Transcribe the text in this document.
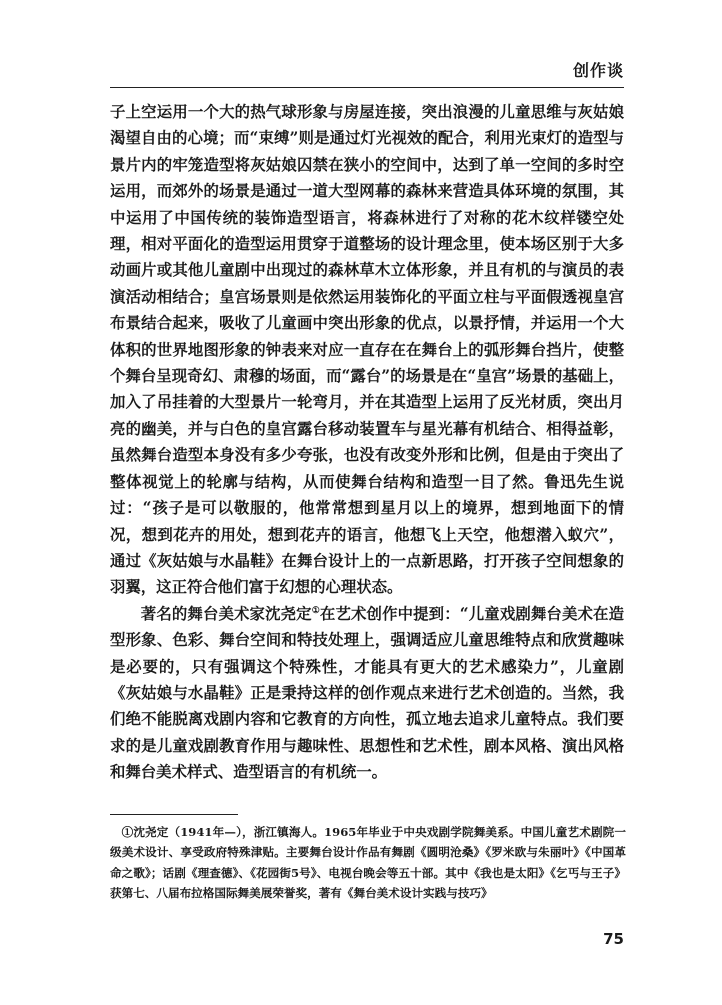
创作谈

子上空运用一个大的热气球形象与房屋连接，突出浪漫的儿童思维与灰姑娘渴望自由的心境；而“束缚”则是通过灯光视效的配合，利用光束灯的造型与景片内的牢笼造型将灰姑娘囚禁在狭小的空间中，达到了单一空间的多时空运用，而郊外的场景是通过一道大型网幕的森林来营造具体环境的氛围，其中运用了中国传统的装饰造型语言，将森林进行了对称的花木纹样镂空处理，相对平面化的造型运用贯穿于道整场的设计理念里，使本场区别于大多动画片或其他儿童剧中出现过的森林草木立体形象，并且有机的与演员的表演活动相结合；皇宫场景则是依然运用装饰化的平面立柱与平面假透视皇宫布景结合起来，吸收了儿童画中突出形象的优点，以景抒情，并运用一个大体积的世界地图形象的钟表来对应一直存在在舞台上的弧形舞台挡片，使整个舞台呈现奇幻、肃穆的场面，而“露台”的场景是在“皇宫”场景的基础上，加入了吊挂着的大型景片一轮弯月，并在其造型上运用了反光材质，突出月亮的幽美，并与白色的皇宫露台移动装置车与星光幕有机结合、相得益彰，虽然舞台造型本身没有多少夸张，也没有改变外形和比例，但是由于突出了整体视觉上的轮廓与结构，从而使舞台结构和造型一目了然。鲁迅先生说过：“孩子是可以敬服的，他常常想到星月以上的境界，想到地面下的情况，想到花卉的用处，想到花卉的语言，他想飞上天空，他想潜入蚁穴”，通过《灰姑娘与水晶鞋》在舞台设计上的一点新思路，打开孩子空间想象的羽翼，这正符合他们富于幻想的心理状态。

著名的舞台美术家沈尧定①在艺术创作中提到：“儿童戏剧舞台美术在造型形象、色彩、舞台空间和特技处理上，强调适应儿童思维特点和欣赏趣味是必要的，只有强调这个特殊性，才能具有更大的艺术感染力”，儿童剧《灰姑娘与水晶鞋》正是秉持这样的创作观点来进行艺术创造的。当然，我们绝不能脱离戏剧内容和它教育的方向性，孤立地去追求儿童特点。我们要求的是儿童戏剧教育作用与趣味性、思想性和艺术性，剧本风格、演出风格和舞台美术样式、造型语言的有机统一。

①沈尧定（1941年—），浙江镇海人。1965年毕业于中央戏剧学院舞美系。中国儿童艺术剧院一级美术设计、享受政府特殊津贴。主要舞台设计作品有舞剧《圆明沧桑》《罗米欧与朱丽叶》《中国革命之歌》；话剧《理查德》、《花园街5号》、电视台晚会等五十部。其中《我也是太阳》《乞丐与王子》获第七、八届布拉格国际舞美展荣誉奖，著有《舞台美术设计实践与技巧》

75
